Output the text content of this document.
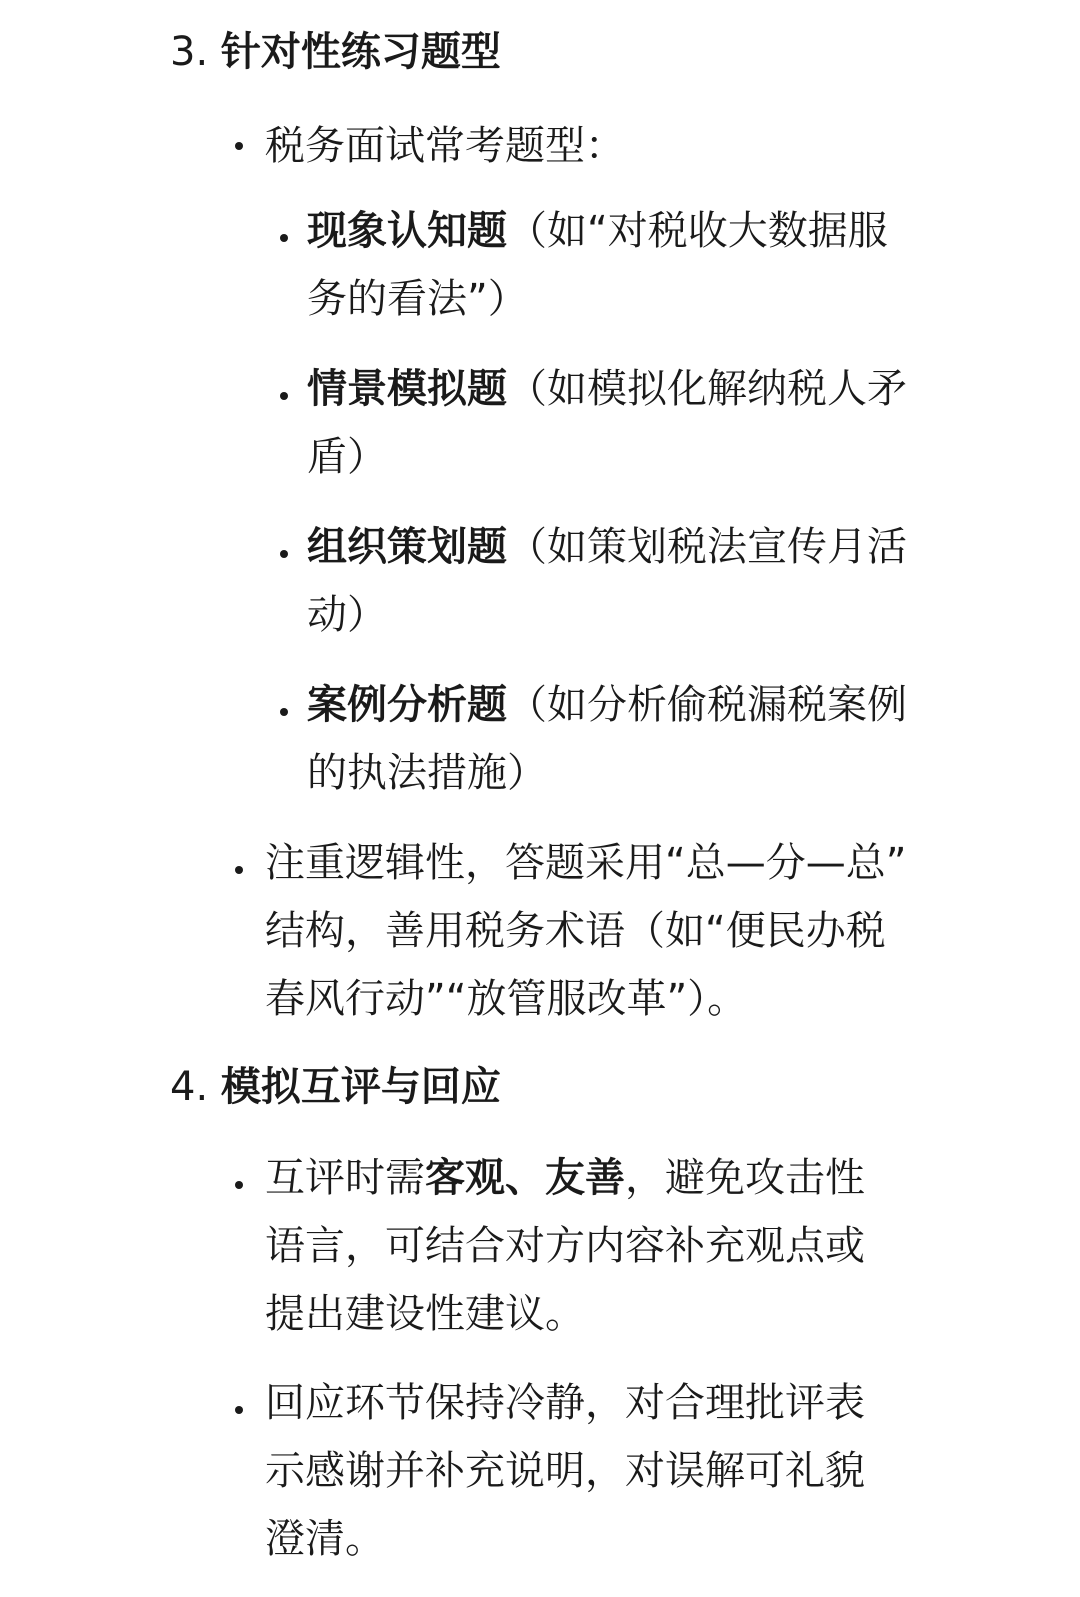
3. 针对性练习题型
税务面试常考题型：
现象认知题（如“对税收大数据服
务的看法”）
情景模拟题（如模拟化解纳税人矛
盾）
组织策划题（如策划税法宣传月活
动）
案例分析题（如分析偷税漏税案例
的执法措施）
注重逻辑性，答题采用“总—分—总”
结构，善用税务术语（如“便民办税
春风行动”“放管服改革”）。
4. 模拟互评与回应
互评时需客观、友善，避免攻击性
语言，可结合对方内容补充观点或
提出建设性建议。
回应环节保持冷静，对合理批评表
示感谢并补充说明，对误解可礼貌
澄清。
